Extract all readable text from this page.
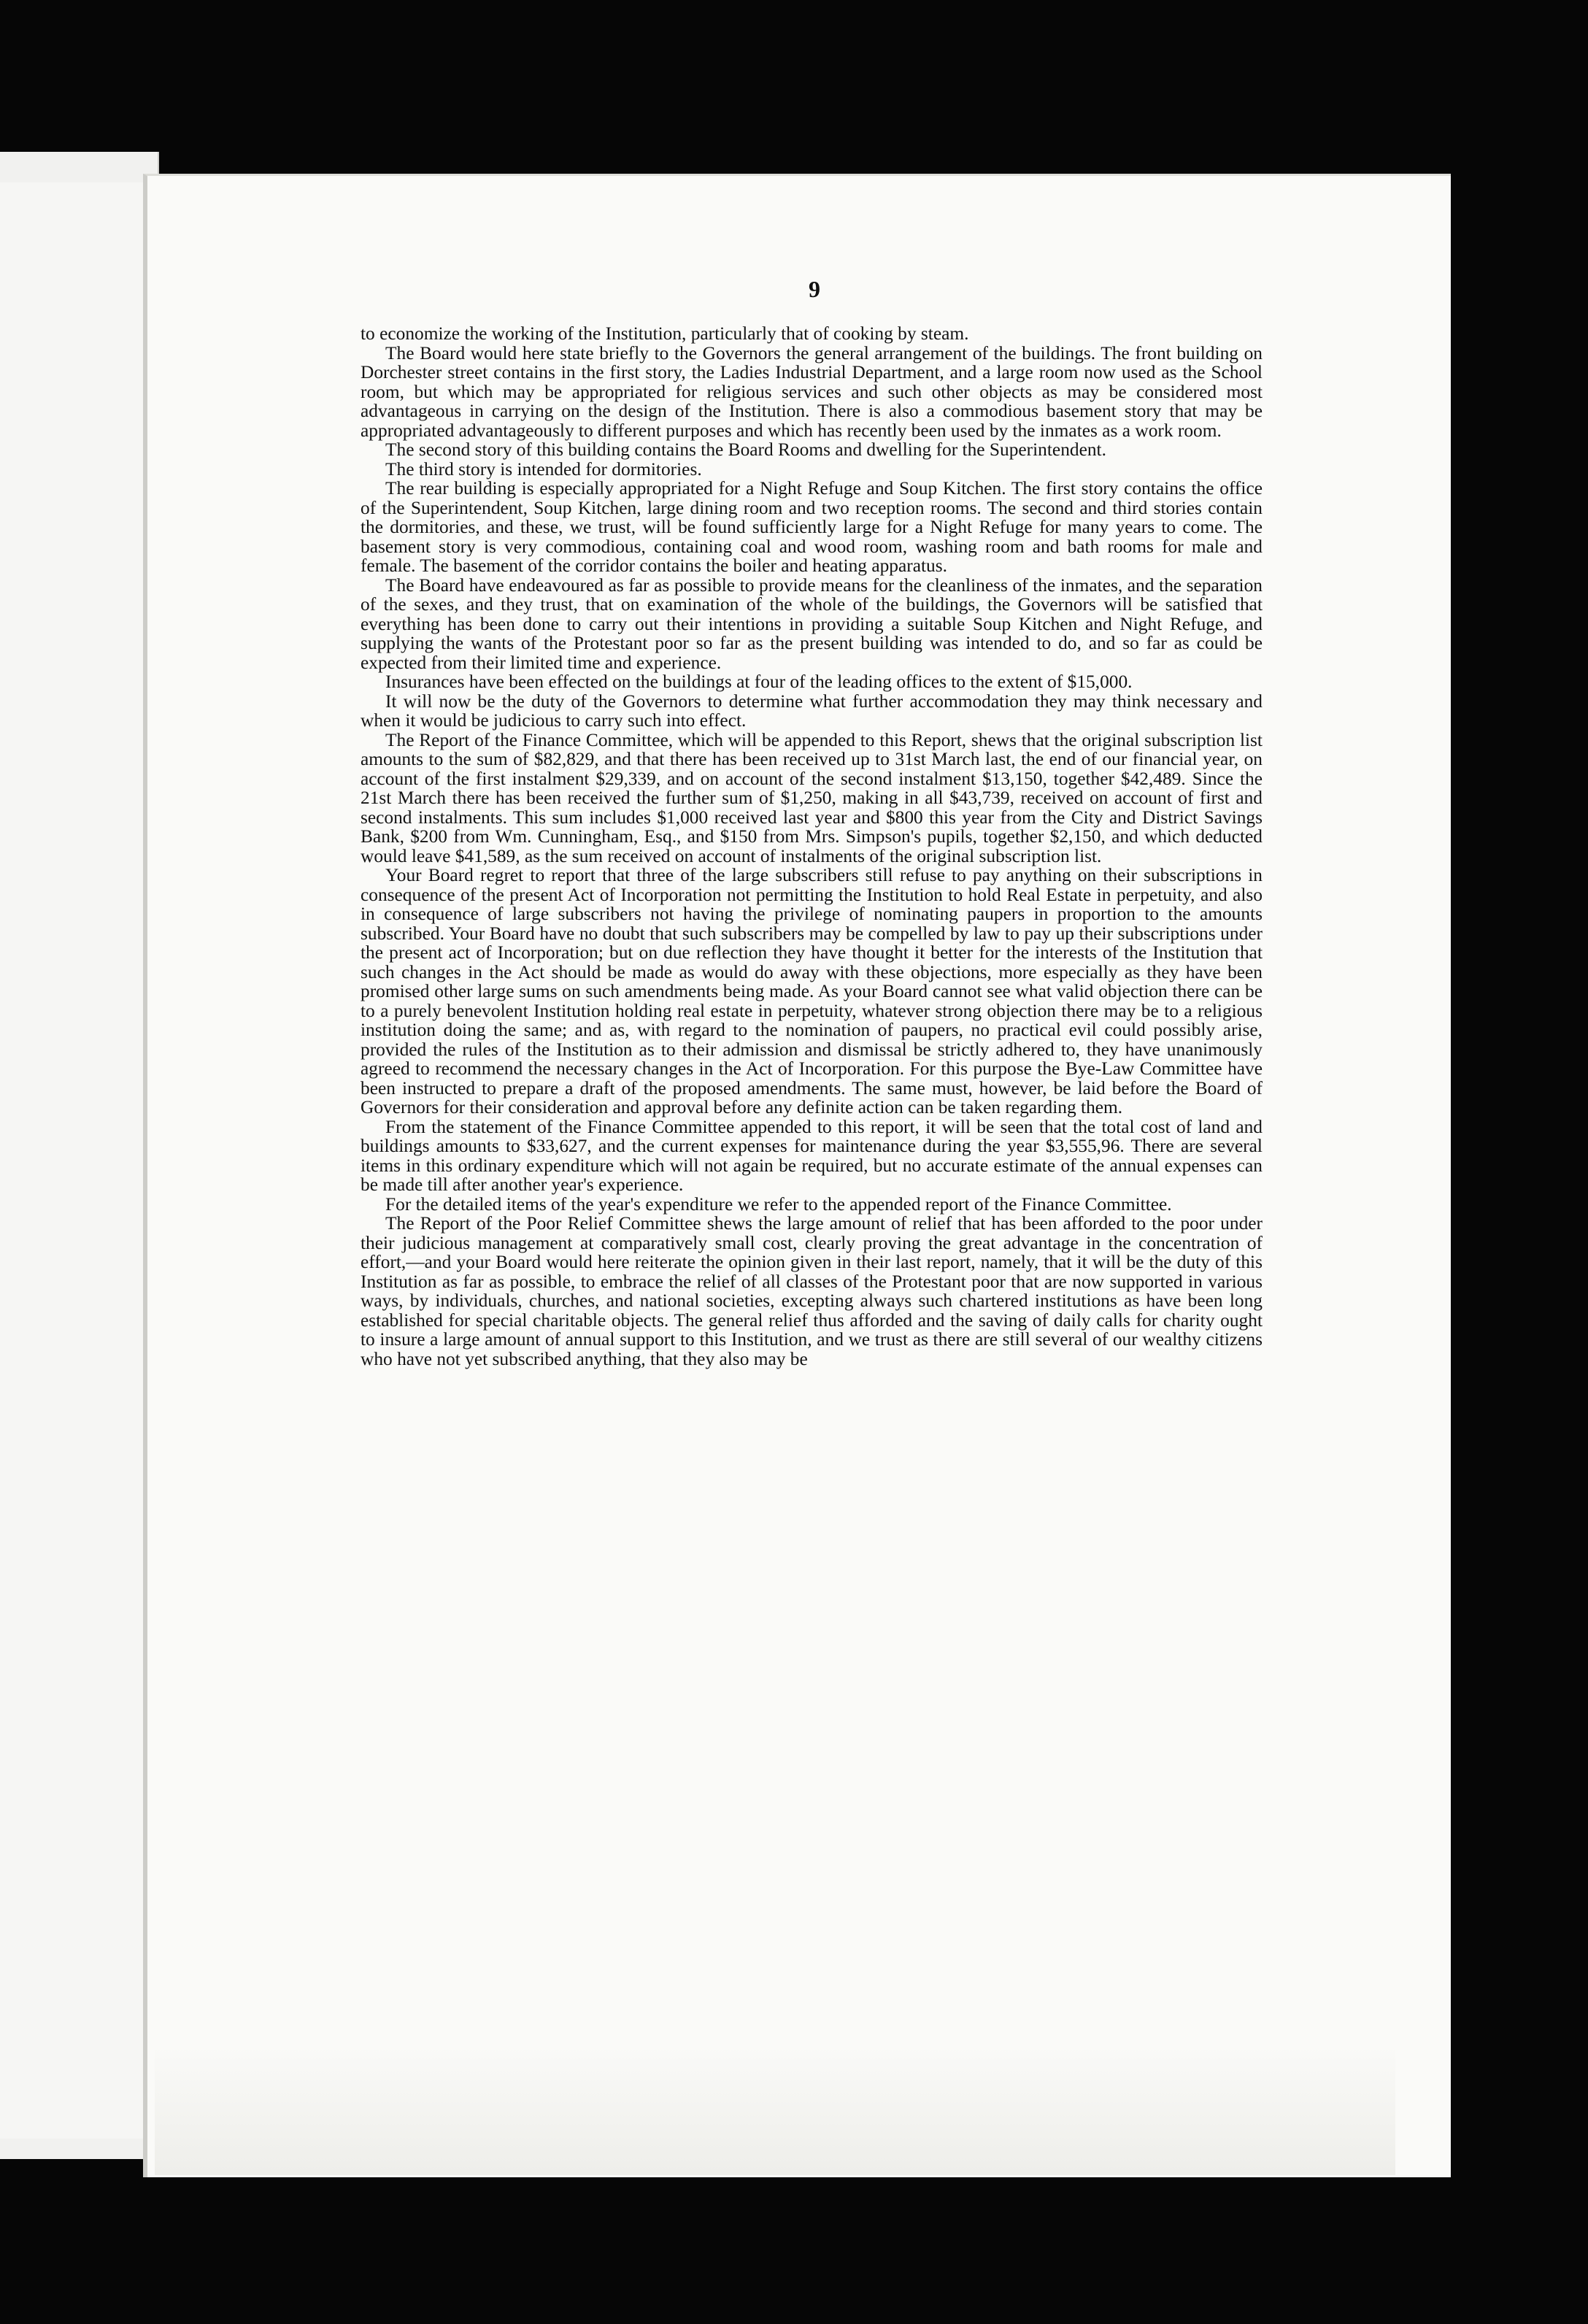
9

to economize the working of the Institution, particularly that of cooking by steam.

The Board would here state briefly to the Governors the general arrangement of the buildings. The front building on Dorchester street contains in the first story, the Ladies Industrial Department, and a large room now used as the School room, but which may be appropriated for religious services and such other objects as may be considered most advantageous in carrying on the design of the Institution. There is also a commodious basement story that may be appropriated advantageously to different purposes and which has recently been used by the inmates as a work room.

The second story of this building contains the Board Rooms and dwelling for the Superintendent.

The third story is intended for dormitories.

The rear building is especially appropriated for a Night Refuge and Soup Kitchen. The first story contains the office of the Superintendent, Soup Kitchen, large dining room and two reception rooms. The second and third stories contain the dormitories, and these, we trust, will be found sufficiently large for a Night Refuge for many years to come. The basement story is very commodious, containing coal and wood room, washing room and bath rooms for male and female. The basement of the corridor contains the boiler and heating apparatus.

The Board have endeavoured as far as possible to provide means for the cleanliness of the inmates, and the separation of the sexes, and they trust, that on examination of the whole of the buildings, the Governors will be satisfied that everything has been done to carry out their intentions in providing a suitable Soup Kitchen and Night Refuge, and supplying the wants of the Protestant poor so far as the present building was intended to do, and so far as could be expected from their limited time and experience.

Insurances have been effected on the buildings at four of the leading offices to the extent of $15,000.

It will now be the duty of the Governors to determine what further accommodation they may think necessary and when it would be judicious to carry such into effect.

The Report of the Finance Committee, which will be appended to this Report, shews that the original subscription list amounts to the sum of $82,829, and that there has been received up to 31st March last, the end of our financial year, on account of the first instalment $29,339, and on account of the second instalment $13,150, together $42,489. Since the 21st March there has been received the further sum of $1,250, making in all $43,739, received on account of first and second instalments. This sum includes $1,000 received last year and $800 this year from the City and District Savings Bank, $200 from Wm. Cunningham, Esq., and $150 from Mrs. Simpson's pupils, together $2,150, and which deducted would leave $41,589, as the sum received on account of instalments of the original subscription list.

Your Board regret to report that three of the large subscribers still refuse to pay anything on their subscriptions in consequence of the present Act of Incorporation not permitting the Institution to hold Real Estate in perpetuity, and also in consequence of large subscribers not having the privilege of nominating paupers in proportion to the amounts subscribed. Your Board have no doubt that such subscribers may be compelled by law to pay up their subscriptions under the present act of Incorporation; but on due reflection they have thought it better for the interests of the Institution that such changes in the Act should be made as would do away with these objections, more especially as they have been promised other large sums on such amendments being made. As your Board cannot see what valid objection there can be to a purely benevolent Institution holding real estate in perpetuity, whatever strong objection there may be to a religious institution doing the same; and as, with regard to the nomination of paupers, no practical evil could possibly arise, provided the rules of the Institution as to their admission and dismissal be strictly adhered to, they have unanimously agreed to recommend the necessary changes in the Act of Incorporation. For this purpose the Bye-Law Committee have been instructed to prepare a draft of the proposed amendments. The same must, however, be laid before the Board of Governors for their consideration and approval before any definite action can be taken regarding them.

From the statement of the Finance Committee appended to this report, it will be seen that the total cost of land and buildings amounts to $33,627, and the current expenses for maintenance during the year $3,555,96. There are several items in this ordinary expenditure which will not again be required, but no accurate estimate of the annual expenses can be made till after another year's experience.

For the detailed items of the year's expenditure we refer to the appended report of the Finance Committee.

The Report of the Poor Relief Committee shews the large amount of relief that has been afforded to the poor under their judicious management at comparatively small cost, clearly proving the great advantage in the concentration of effort,—and your Board would here reiterate the opinion given in their last report, namely, that it will be the duty of this Institution as far as possible, to embrace the relief of all classes of the Protestant poor that are now supported in various ways, by individuals, churches, and national societies, excepting always such chartered institutions as have been long established for special charitable objects. The general relief thus afforded and the saving of daily calls for charity ought to insure a large amount of annual support to this Institution, and we trust as there are still several of our wealthy citizens who have not yet subscribed anything, that they also may be
